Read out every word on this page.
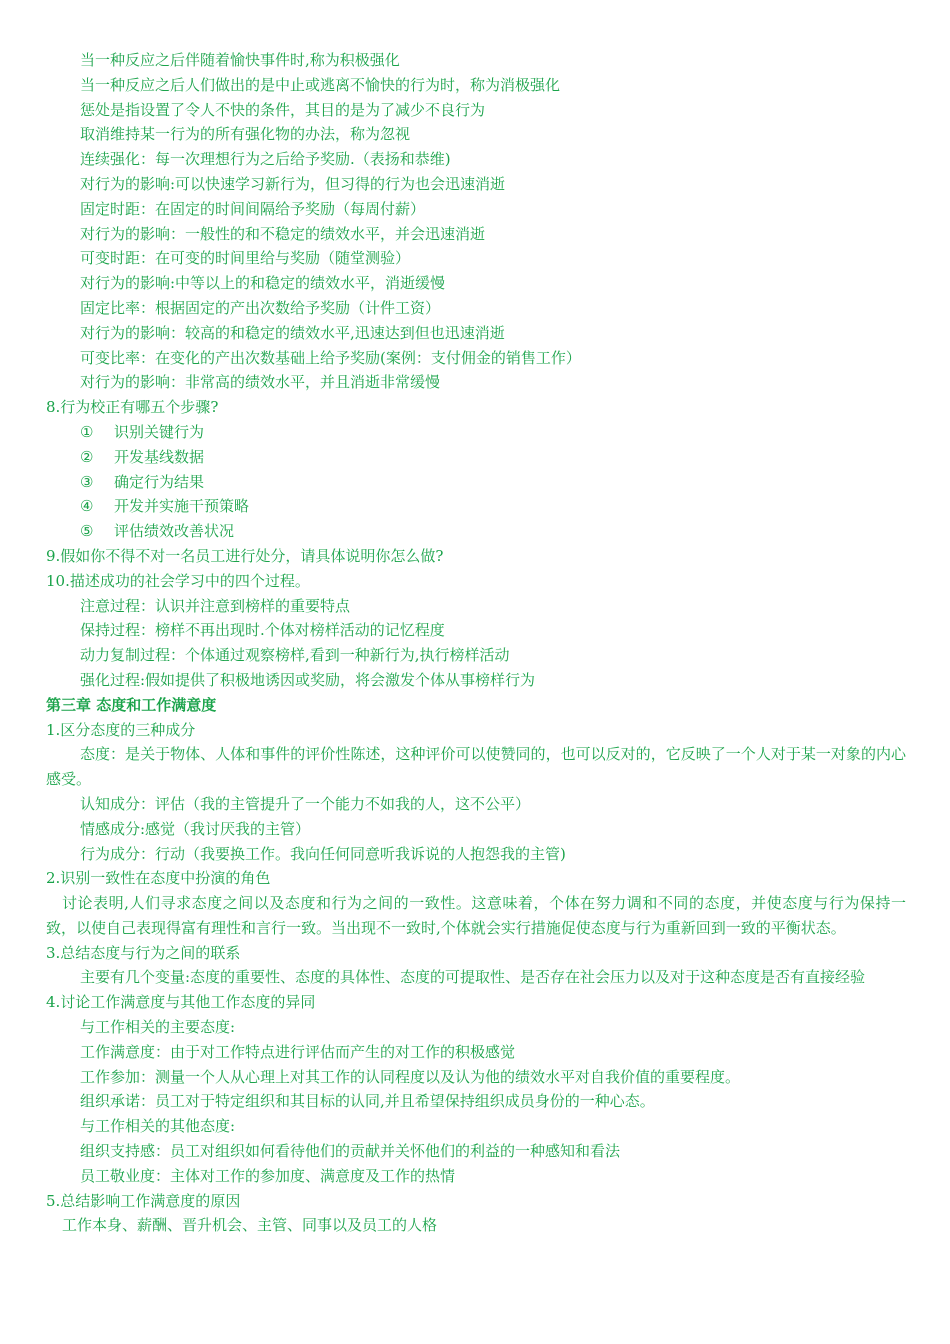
当一种反应之后伴随着愉快事件时,称为积极强化
当一种反应之后人们做出的是中止或逃离不愉快的行为时，称为消极强化
惩处是指设置了令人不快的条件，其目的是为了减少不良行为
取消维持某一行为的所有强化物的办法，称为忽视
连续强化：每一次理想行为之后给予奖励.（表扬和恭维)
对行为的影响:可以快速学习新行为，但习得的行为也会迅速消逝
固定时距：在固定的时间间隔给予奖励（每周付薪）
对行为的影响：一般性的和不稳定的绩效水平，并会迅速消逝
可变时距：在可变的时间里给与奖励（随堂测验）
对行为的影响:中等以上的和稳定的绩效水平，消逝缓慢
固定比率：根据固定的产出次数给予奖励（计件工资）
对行为的影响：较高的和稳定的绩效水平,迅速达到但也迅速消逝
可变比率：在变化的产出次数基础上给予奖励(案例：支付佣金的销售工作）
对行为的影响：非常高的绩效水平，并且消逝非常缓慢
8.行为校正有哪五个步骤?
① 识别关键行为
② 开发基线数据
③ 确定行为结果
④ 开发并实施干预策略
⑤ 评估绩效改善状况
9.假如你不得不对一名员工进行处分，请具体说明你怎么做?
10.描述成功的社会学习中的四个过程。
注意过程：认识并注意到榜样的重要特点
保持过程：榜样不再出现时.个体对榜样活动的记忆程度
动力复制过程：个体通过观察榜样,看到一种新行为,执行榜样活动
强化过程:假如提供了积极地诱因或奖励，将会激发个体从事榜样行为
第三章 态度和工作满意度
1.区分态度的三种成分
态度：是关于物体、人体和事件的评价性陈述，这种评价可以使赞同的，也可以反对的，它反映了一个人对于某一对象的内心感受。
认知成分：评估（我的主管提升了一个能力不如我的人，这不公平）
情感成分:感觉（我讨厌我的主管）
行为成分：行动（我要换工作。我向任何同意听我诉说的人抱怨我的主管)
2.识别一致性在态度中扮演的角色
讨论表明,人们寻求态度之间以及态度和行为之间的一致性。这意味着，个体在努力调和不同的态度，并使态度与行为保持一致，以使自己表现得富有理性和言行一致。当出现不一致时,个体就会实行措施促使态度与行为重新回到一致的平衡状态。
3.总结态度与行为之间的联系
主要有几个变量:态度的重要性、态度的具体性、态度的可提取性、是否存在社会压力以及对于这种态度是否有直接经验
4.讨论工作满意度与其他工作态度的异同
与工作相关的主要态度:
工作满意度：由于对工作特点进行评估而产生的对工作的积极感觉
工作参加：测量一个人从心理上对其工作的认同程度以及认为他的绩效水平对自我价值的重要程度。
组织承诺：员工对于特定组织和其目标的认同,并且希望保持组织成员身份的一种心态。
与工作相关的其他态度:
组织支持感：员工对组织如何看待他们的贡献并关怀他们的利益的一种感知和看法
员工敬业度：主体对工作的参加度、满意度及工作的热情
5.总结影响工作满意度的原因
工作本身、薪酬、晋升机会、主管、同事以及员工的人格
